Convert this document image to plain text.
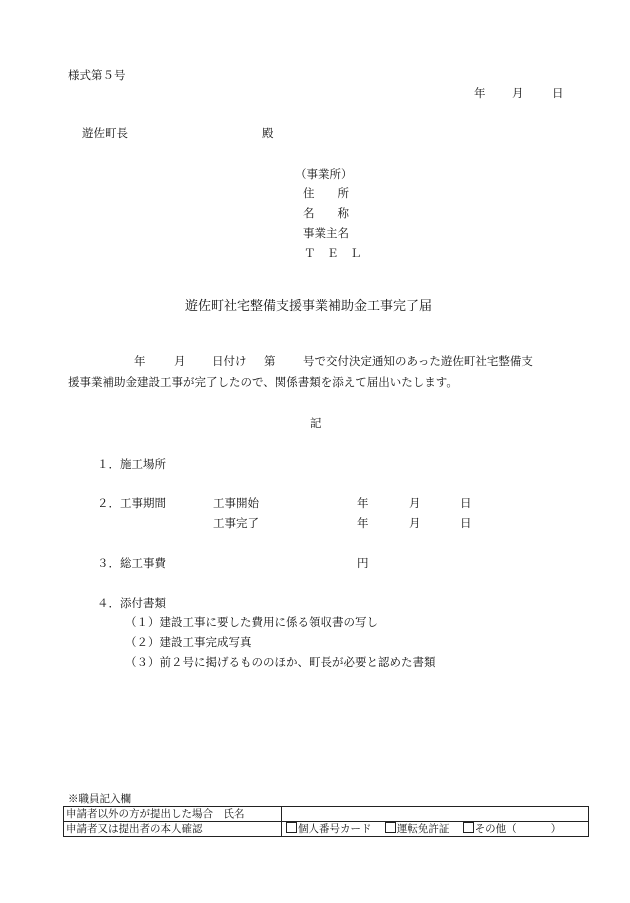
様式第５号
年 月 日
遊佐町長	殿
（事業所）
住　　所
名　　称
事業主名
Ｔ　Ｅ　Ｌ
遊佐町社宅整備支援事業補助金工事完了届
年 月 日付け 第 号で交付決定通知のあった遊佐町社宅整備支
援事業補助金建設工事が完了したので、関係書類を添えて届出いたします。
記
１．施工場所
２．工事期間	工事開始	年	月	日
工事完了	年	月	日
３．総工事費	円
４．添付書類
（１）建設工事に要した費用に係る領収書の写し
（２）建設工事完成写真
（３）前２号に掲げるもののほか、町長が必要と認めた書類
※職員記入欄
申請者以外の方が提出した場合　氏名	
申請者又は提出者の本人確認	個人番号カード 運転免許証 その他（ ）
